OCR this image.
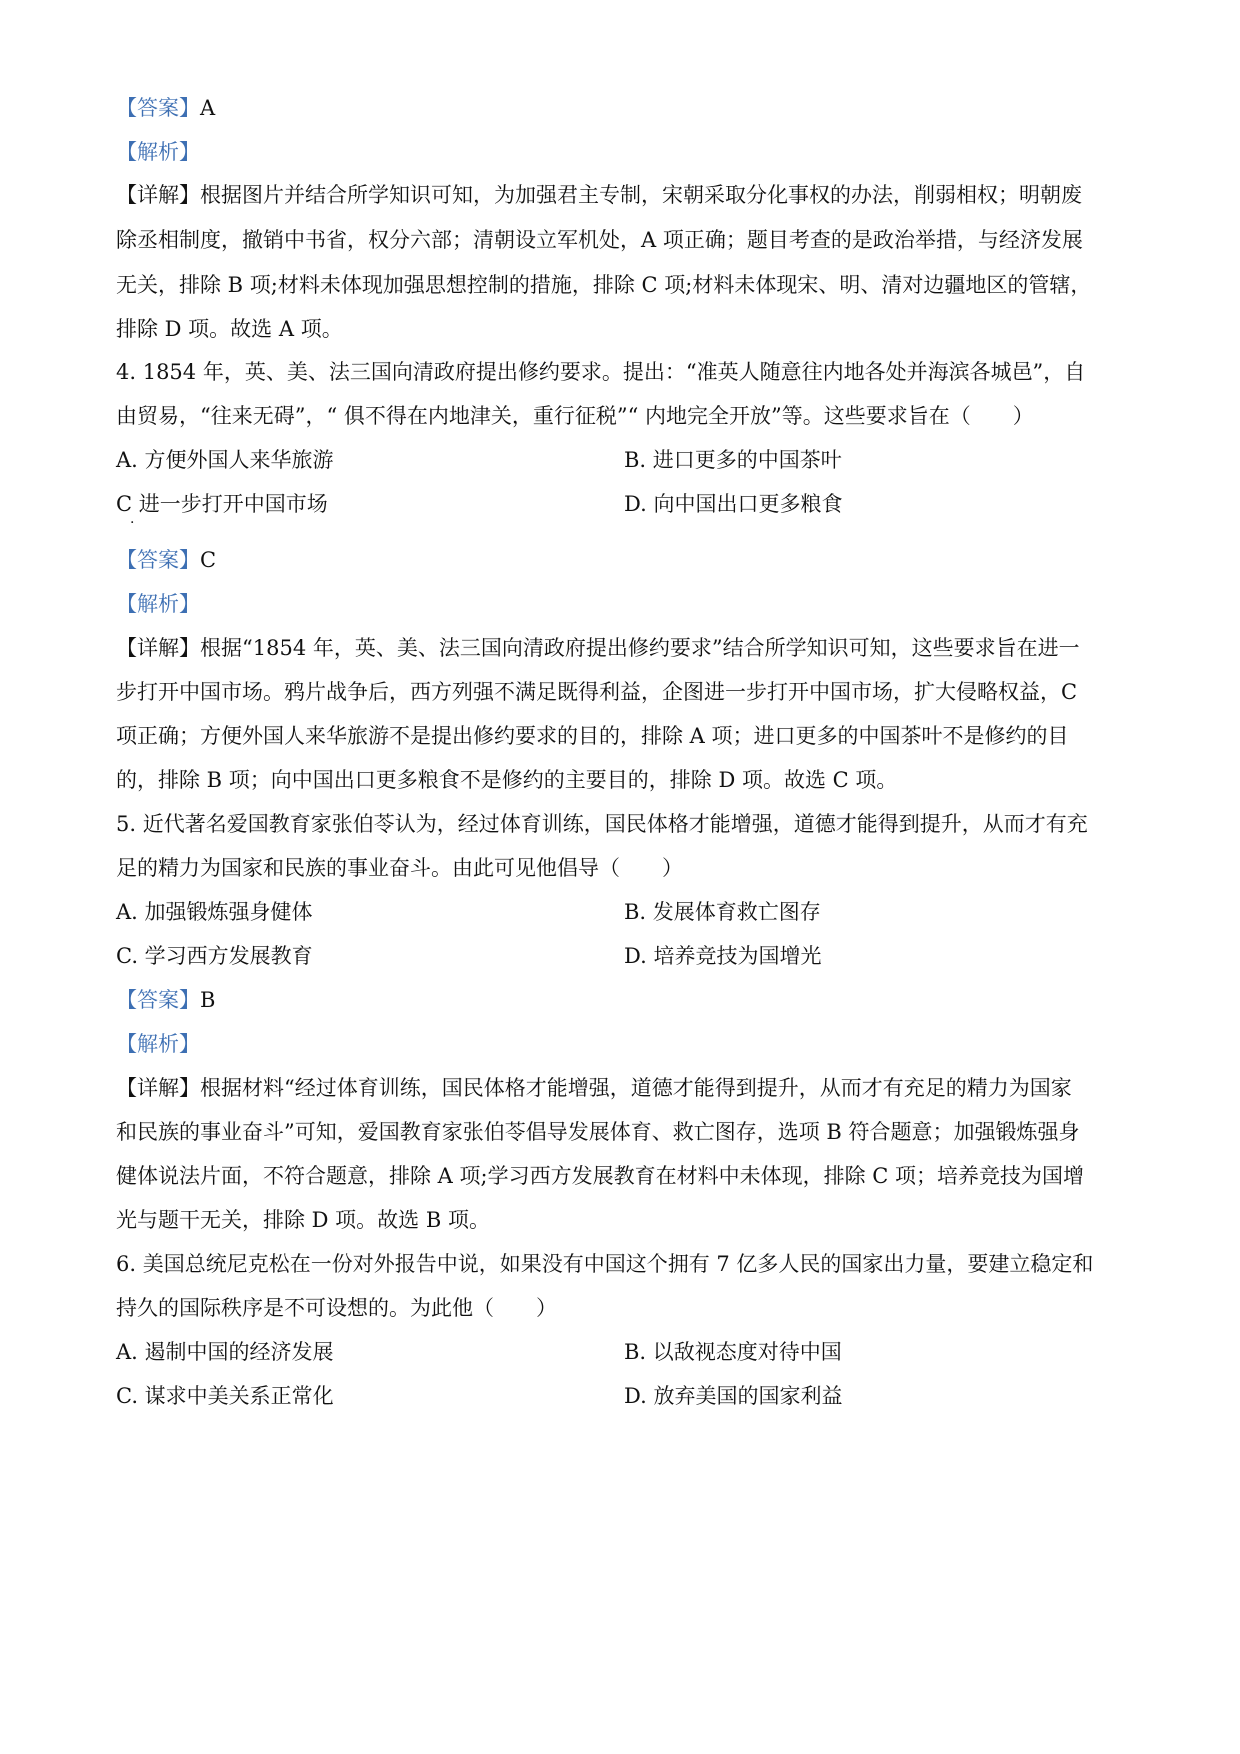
【答案】A
【解析】
【详解】根据图片并结合所学知识可知，为加强君主专制，宋朝采取分化事权的办法，削弱相权；明朝废
除丞相制度，撤销中书省，权分六部；清朝设立军机处，A 项正确；题目考查的是政治举措，与经济发展
无关，排除 B 项;材料未体现加强思想控制的措施，排除 C 项;材料未体现宋、明、清对边疆地区的管辖，
排除 D 项。故选 A 项。
4. 1854 年，英、美、法三国向清政府提出修约要求。提出：“准英人随意往内地各处并海滨各城邑”，自
由贸易，“往来无碍”，“ 俱不得在内地津关，重行征税”“ 内地完全开放”等。这些要求旨在（　　）
A. 方便外国人来华旅游	B. 进口更多的中国茶叶
C 进一步打开中国市场	D. 向中国出口更多粮食
·
【答案】C
【解析】
【详解】根据“1854 年，英、美、法三国向清政府提出修约要求”结合所学知识可知，这些要求旨在进一
步打开中国市场。鸦片战争后，西方列强不满足既得利益，企图进一步打开中国市场，扩大侵略权益，C
项正确；方便外国人来华旅游不是提出修约要求的目的，排除 A 项；进口更多的中国茶叶不是修约的目
的，排除 B 项；向中国出口更多粮食不是修约的主要目的，排除 D 项。故选 C 项。
5. 近代著名爱国教育家张伯苓认为，经过体育训练，国民体格才能增强，道德才能得到提升，从而才有充
足的精力为国家和民族的事业奋斗。由此可见他倡导（　　）
A. 加强锻炼强身健体	B. 发展体育救亡图存
C. 学习西方发展教育	D. 培养竞技为国增光
【答案】B
【解析】
【详解】根据材料“经过体育训练，国民体格才能增强，道德才能得到提升，从而才有充足的精力为国家
和民族的事业奋斗”可知，爱国教育家张伯苓倡导发展体育、救亡图存，选项 B 符合题意；加强锻炼强身
健体说法片面，不符合题意，排除 A 项;学习西方发展教育在材料中未体现，排除 C 项；培养竞技为国增
光与题干无关，排除 D 项。故选 B 项。
6. 美国总统尼克松在一份对外报告中说，如果没有中国这个拥有 7 亿多人民的国家出力量，要建立稳定和
持久的国际秩序是不可设想的。为此他（　　）
A. 遏制中国的经济发展	B. 以敌视态度对待中国
C. 谋求中美关系正常化	D. 放弃美国的国家利益
